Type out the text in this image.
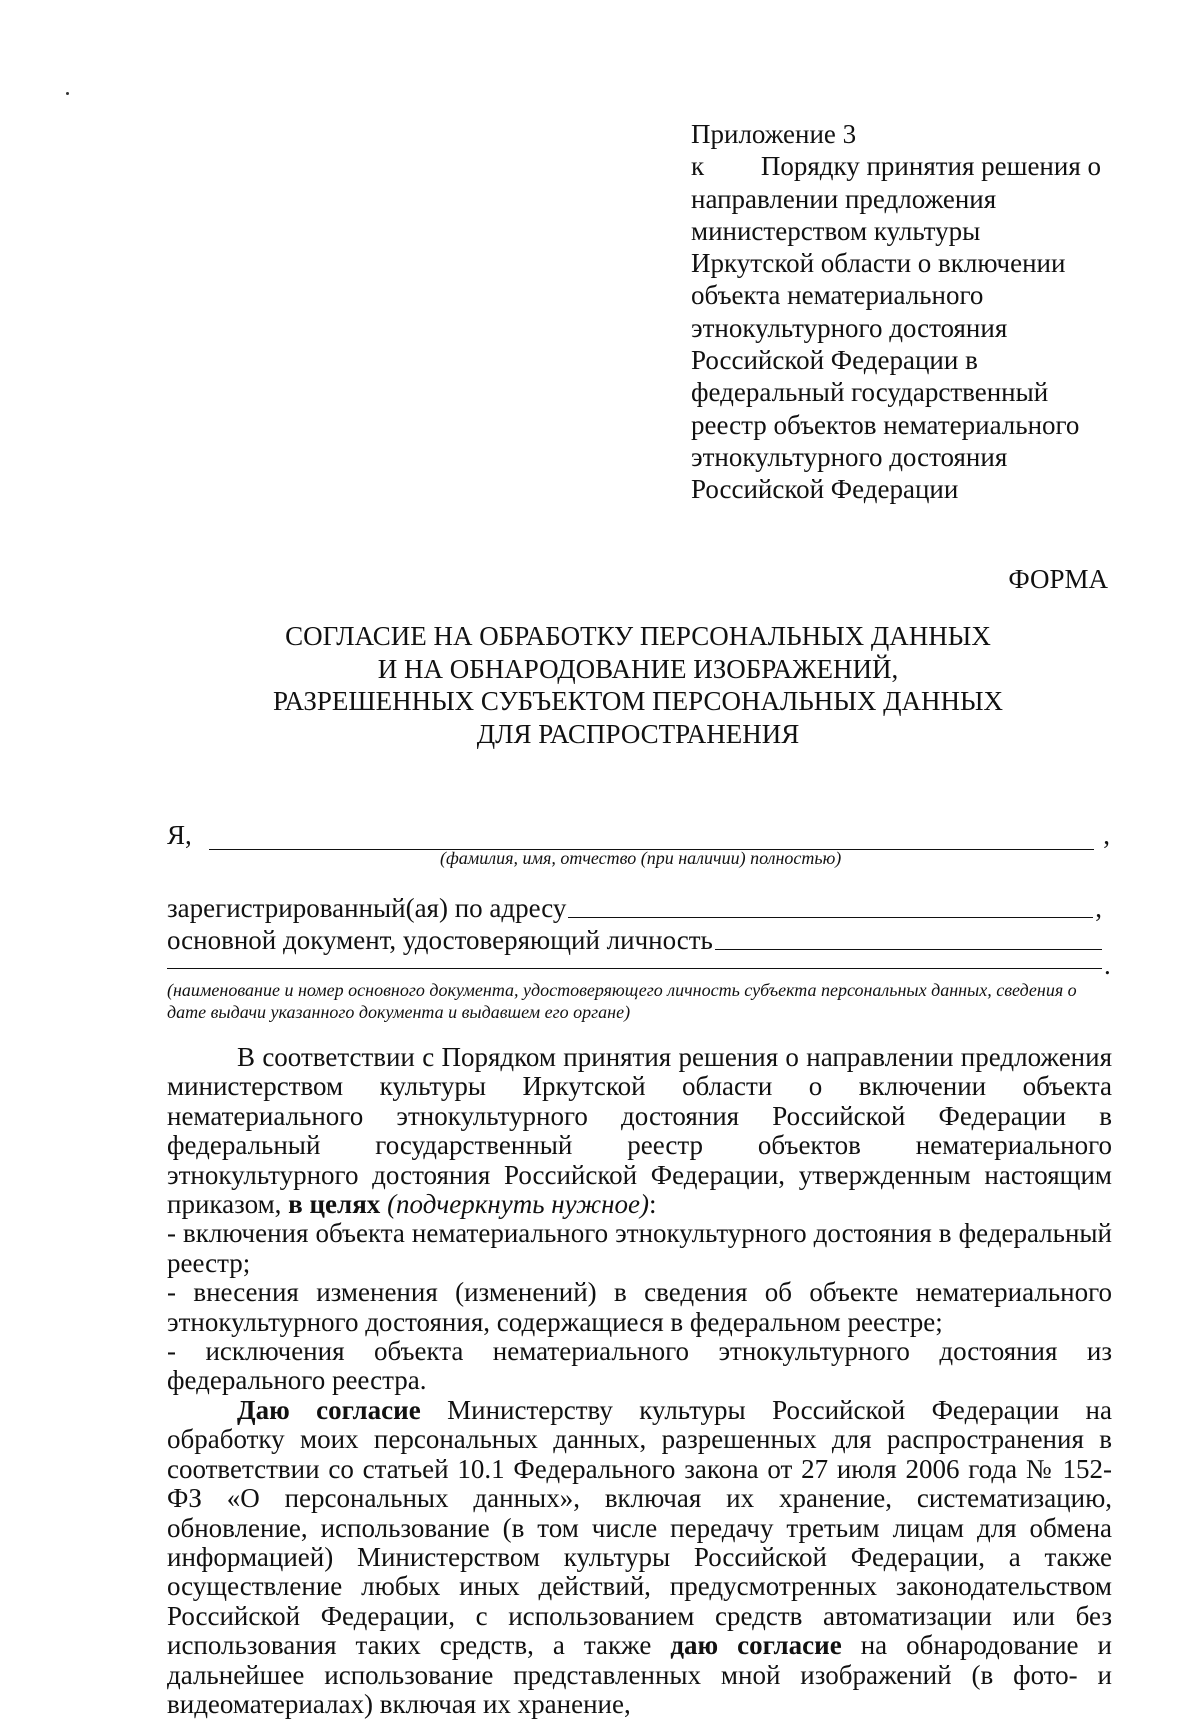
Приложение 3
к	Порядку принятия решения о
направлении предложения
министерством культуры
Иркутской области о включении
объекта нематериального
этнокультурного достояния
Российской Федерации в
федеральный государственный
реестр объектов нематериального
этнокультурного достояния
Российской Федерации
ФОРМА
СОГЛАСИЕ НА ОБРАБОТКУ ПЕРСОНАЛЬНЫХ ДАННЫХ
И НА ОБНАРОДОВАНИЕ ИЗОБРАЖЕНИЙ,
РАЗРЕШЕННЫХ СУБЪЕКТОМ ПЕРСОНАЛЬНЫХ ДАННЫХ
ДЛЯ РАСПРОСТРАНЕНИЯ
Я,	,
(фамилия, имя, отчество (при наличии) полностью)
зарегистрированный(ая) по адресу	,
основной документ, удостоверяющий личность
.
(наименование и номер основного документа, удостоверяющего личность субъекта персональных данных, сведения о дате выдачи указанного документа и выдавшем его органе)

В соответствии с Порядком принятия решения о направлении предложения министерством культуры Иркутской области о включении объекта нематериального этнокультурного достояния Российской Федерации в федеральный государственный реестр объектов нематериального этнокультурного достояния Российской Федерации, утвержденным настоящим приказом, в целях (подчеркнуть нужное):

- включения объекта нематериального этнокультурного достояния в федеральный реестр;

- внесения изменения (изменений) в сведения об объекте нематериального этнокультурного достояния, содержащиеся в федеральном реестре;

- исключения объекта нематериального этнокультурного достояния из федерального реестра.

Даю согласие Министерству культуры Российской Федерации на обработку моих персональных данных, разрешенных для распространения в соответствии со статьей 10.1 Федерального закона от 27 июля 2006 года № 152-ФЗ «О персональных данных», включая их хранение, систематизацию, обновление, использование (в том числе передачу третьим лицам для обмена информацией) Министерством культуры Российской Федерации, а также осуществление любых иных действий, предусмотренных законодательством Российской Федерации, с использованием средств автоматизации или без использования таких средств, а также даю согласие на обнародование и дальнейшее использование представленных мной изображений (в фото- и видеоматериалах) включая их хранение,
